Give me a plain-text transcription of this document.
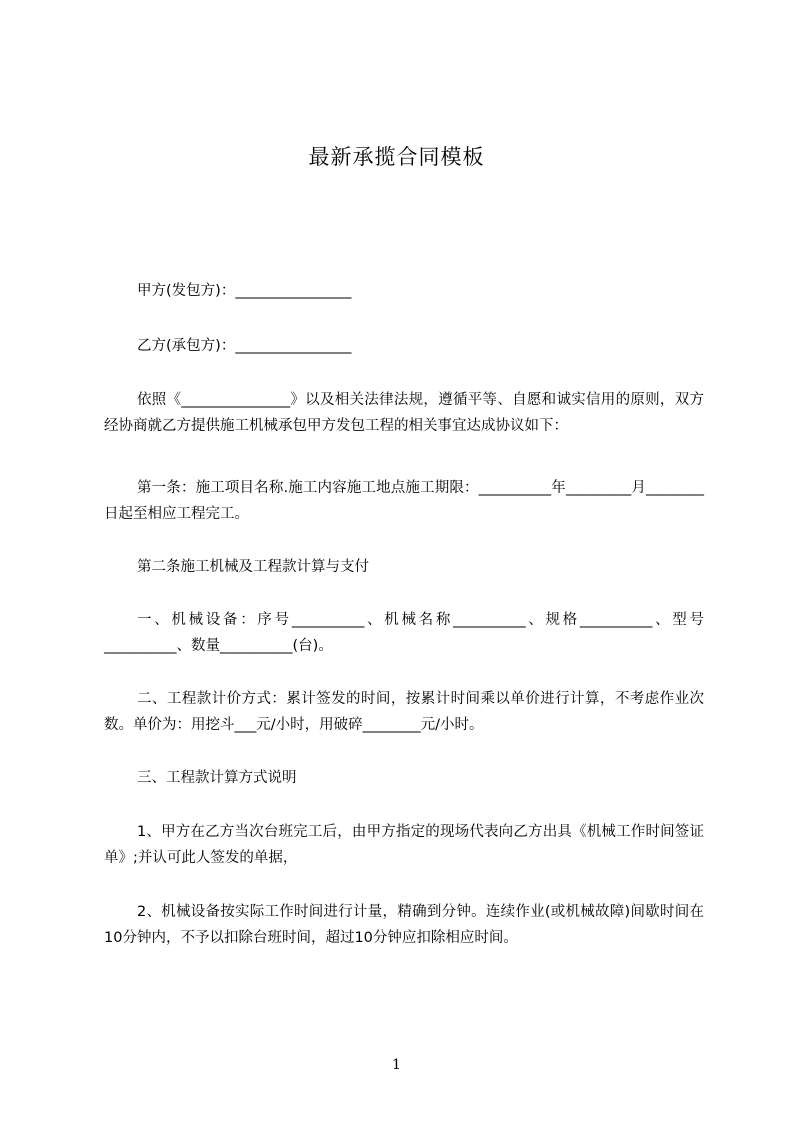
最新承揽合同模板

甲方(发包方)：________________

乙方(承包方)：________________

依照《_______________》以及相关法律法规，遵循平等、自愿和诚实信用的原则，双方经协商就乙方提供施工机械承包甲方发包工程的相关事宜达成协议如下：

第一条：施工项目名称.施工内容施工地点施工期限：__________年_________月________日起至相应工程完工。

第二条施工机械及工程款计算与支付

一、机械设备：序号__________、机械名称__________、规格__________、型号__________、数量__________(台)。

二、工程款计价方式：累计签发的时间，按累计时间乘以单价进行计算，不考虑作业次数。单价为：用挖斗___元/小时，用破碎________元/小时。

三、工程款计算方式说明

1、甲方在乙方当次台班完工后，由甲方指定的现场代表向乙方出具《机械工作时间签证单》;并认可此人签发的单据，

2、机械设备按实际工作时间进行计量，精确到分钟。连续作业(或机械故障)间歇时间在10分钟内，不予以扣除台班时间，超过10分钟应扣除相应时间。

1
